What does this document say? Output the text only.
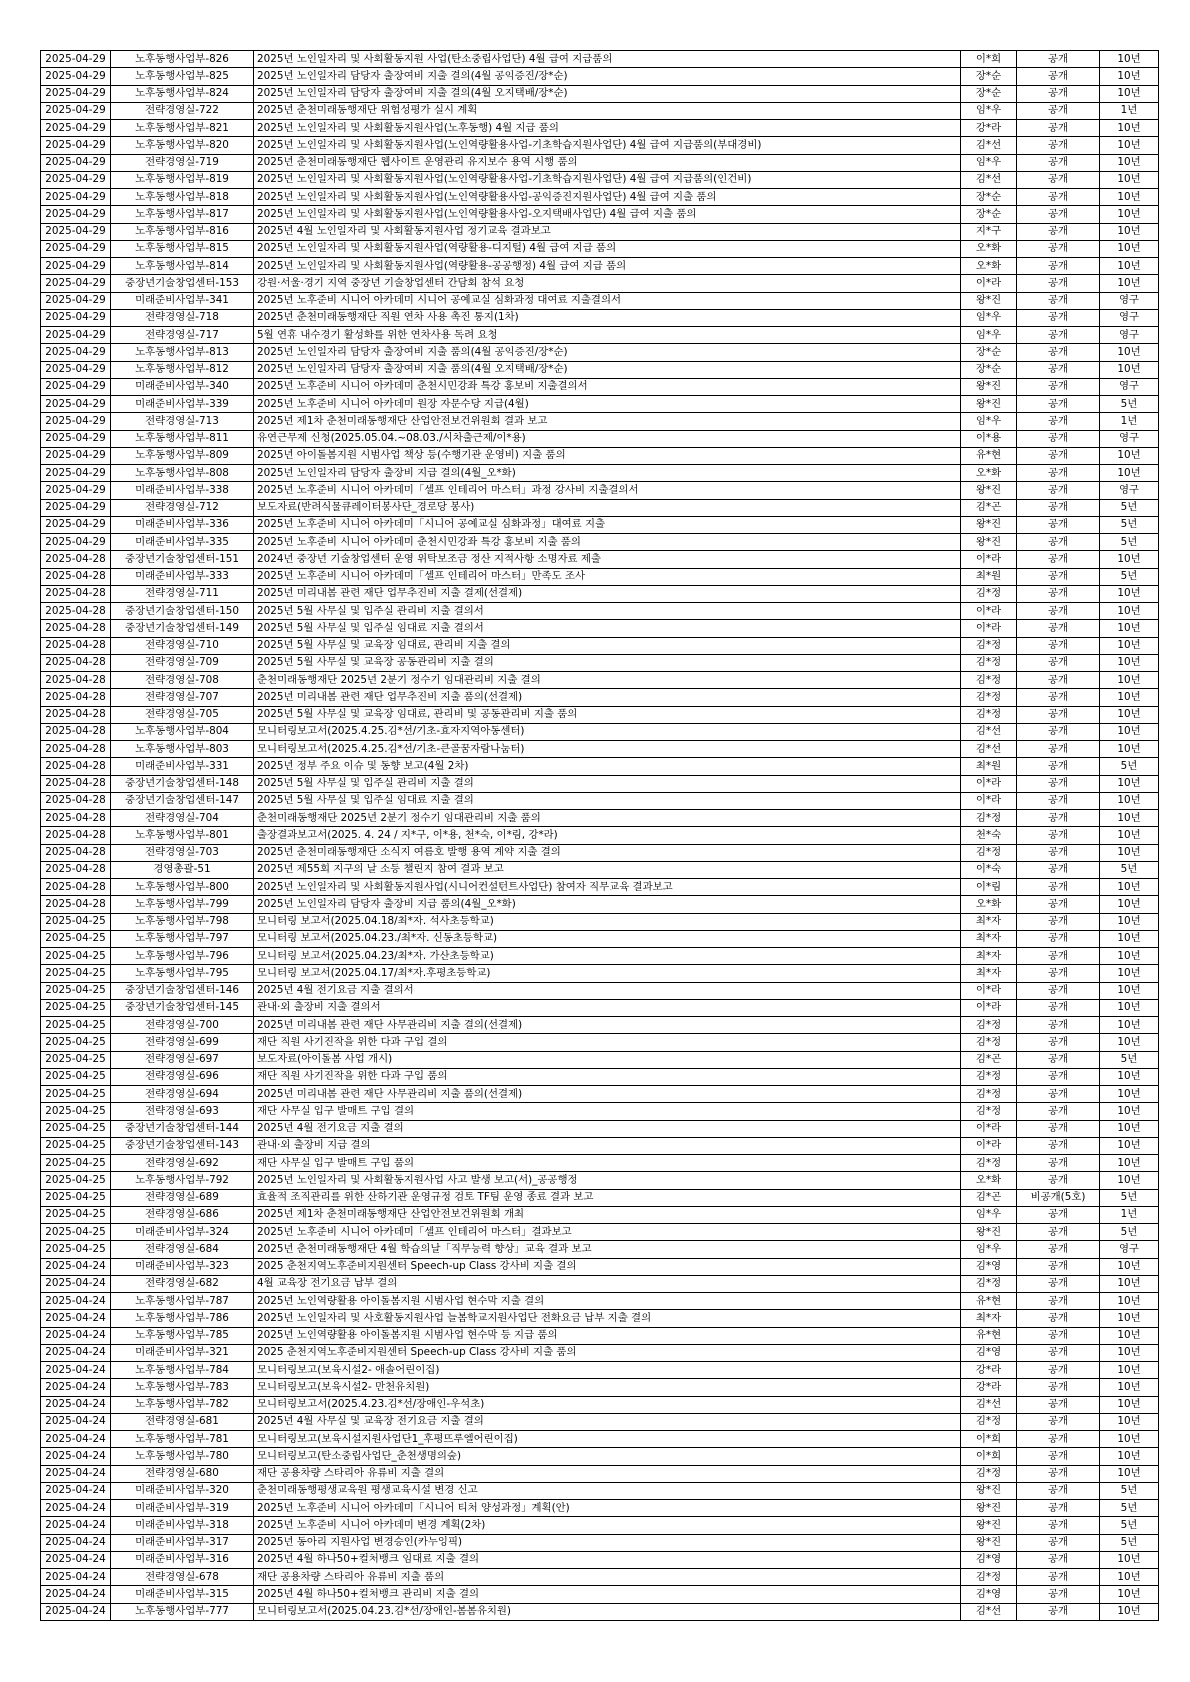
2025-04-29	노후동행사업부-826	2025년 노인일자리 및 사회활동지원 사업(탄소중립사업단) 4월 급여 지급품의	이*희	공개	10년
2025-04-29	노후동행사업부-825	2025년 노인일자리 담당자 출장여비 지출 결의(4월 공익증진/장*순)	장*순	공개	10년
2025-04-29	노후동행사업부-824	2025년 노인일자리 담당자 출장여비 지출 결의(4월 오지택배/장*순)	장*순	공개	10년
2025-04-29	전략경영실-722	2025년 춘천미래동행재단 위험성평가 실시 계획	임*우	공개	1년
2025-04-29	노후동행사업부-821	2025년 노인일자리 및 사회활동지원사업(노후동행) 4월 지급 품의	강*라	공개	10년
2025-04-29	노후동행사업부-820	2025년 노인일자리 및 사회활동지원사업(노인역량활용사업-기초학습지원사업단) 4월 급여 지급품의(부대경비)	김*선	공개	10년
2025-04-29	전략경영실-719	2025년 춘천미래동행재단 웹사이트 운영관리 유지보수 용역 시행 품의	임*우	공개	10년
2025-04-29	노후동행사업부-819	2025년 노인일자리 및 사회활동지원사업(노인역량활용사업-기초학습지원사업단) 4월 급여 지급품의(인건비)	김*선	공개	10년
2025-04-29	노후동행사업부-818	2025년 노인일자리 및 사회활동지원사업(노인역량활용사업-공익증진지원사업단) 4월 급여 지출 품의	장*순	공개	10년
2025-04-29	노후동행사업부-817	2025년 노인일자리 및 사회활동지원사업(노인역량활용사업-오지택배사업단) 4월 급여 지출 품의	장*순	공개	10년
2025-04-29	노후동행사업부-816	2025년 4월 노인일자리 및 사회활동지원사업 정기교육 결과보고	지*구	공개	10년
2025-04-29	노후동행사업부-815	2025년 노인일자리 및 사회활동지원사업(역량활용-디지털) 4월 급여 지급 품의	오*화	공개	10년
2025-04-29	노후동행사업부-814	2025년 노인일자리 및 사회활동지원사업(역량활용-공공행정) 4월 급여 지급 품의	오*화	공개	10년
2025-04-29	중장년기술창업센터-153	강원·서울·경기 지역 중장년 기술창업센터 간담회 참석 요청	이*라	공개	10년
2025-04-29	미래준비사업부-341	2025년 노후준비 시니어 아카데미 시니어 공예교실 심화과정 대여료 지출결의서	왕*진	공개	영구
2025-04-29	전략경영실-718	2025년 춘천미래동행재단 직원 연차 사용 촉진 통지(1차)	임*우	공개	영구
2025-04-29	전략경영실-717	5월 연휴 내수경기 활성화를 위한 연차사용 독려 요청	임*우	공개	영구
2025-04-29	노후동행사업부-813	2025년 노인일자리 담당자 출장여비 지출 품의(4월 공익증진/장*순)	장*순	공개	10년
2025-04-29	노후동행사업부-812	2025년 노인일자리 담당자 출장여비 지출 품의(4월 오지택배/장*순)	장*순	공개	10년
2025-04-29	미래준비사업부-340	2025년 노후준비 시니어 아카데미 춘천시민강좌 특강 홍보비 지출결의서	왕*진	공개	영구
2025-04-29	미래준비사업부-339	2025년 노후준비 시니어 아카데미 원장 자문수당 지급(4월)	왕*진	공개	5년
2025-04-29	전략경영실-713	2025년 제1차 춘천미래동행재단 산업안전보건위원회 결과 보고	임*우	공개	1년
2025-04-29	노후동행사업부-811	유연근무제 신청(2025.05.04.~08.03./시차출근제/이*용)	이*용	공개	영구
2025-04-29	노후동행사업부-809	2025년 아이돌봄지원 시범사업 책상 등(수행기관 운영비) 지출 품의	유*현	공개	10년
2025-04-29	노후동행사업부-808	2025년 노인일자리 담당자 출장비 지급 결의(4월_오*화)	오*화	공개	10년
2025-04-29	미래준비사업부-338	2025년 노후준비 시니어 아카데미「셀프 인테리어 마스터」과정 강사비 지출결의서	왕*진	공개	영구
2025-04-29	전략경영실-712	보도자료(반려식물큐레이터봉사단_경로당 봉사)	김*곤	공개	5년
2025-04-29	미래준비사업부-336	2025년 노후준비 시니어 아카데미「시니어 공예교실 심화과정」대여료 지출	왕*진	공개	5년
2025-04-29	미래준비사업부-335	2025년 노후준비 시니어 아카데미 춘천시민강좌 특강 홍보비 지출 품의	왕*진	공개	5년
2025-04-28	중장년기술창업센터-151	2024년 중장년 기술창업센터 운영 위탁보조금 정산 지적사항 소명자료 제출	이*라	공개	10년
2025-04-28	미래준비사업부-333	2025년 노후준비 시니어 아카데미「셀프 인테리어 마스터」만족도 조사	최*원	공개	5년
2025-04-28	전략경영실-711	2025년 미리내봄 관련 재단 업무추진비 지출 결제(선결제)	김*정	공개	10년
2025-04-28	중장년기술창업센터-150	2025년 5월 사무실 및 입주실 관리비 지출 결의서	이*라	공개	10년
2025-04-28	중장년기술창업센터-149	2025년 5월 사무실 및 입주실 임대료 지출 결의서	이*라	공개	10년
2025-04-28	전략경영실-710	2025년 5월 사무실 및 교육장 임대료, 관리비 지출 결의	김*정	공개	10년
2025-04-28	전략경영실-709	2025년 5월 사무실 및 교육장 공동관리비 지출 결의	김*정	공개	10년
2025-04-28	전략경영실-708	춘천미래동행재단 2025년 2분기 정수기 임대관리비 지출 결의	김*정	공개	10년
2025-04-28	전략경영실-707	2025년 미리내봄 관련 재단 업무추진비 지출 품의(선결제)	김*정	공개	10년
2025-04-28	전략경영실-705	2025년 5월 사무실 및 교육장 임대료, 관리비 및 공동관리비 지출 품의	김*정	공개	10년
2025-04-28	노후동행사업부-804	모니터링보고서(2025.4.25.김*선/기초-효자지역아동센터)	김*선	공개	10년
2025-04-28	노후동행사업부-803	모니터링보고서(2025.4.25.김*선/기초-큰골꿈자람나눔터)	김*선	공개	10년
2025-04-28	미래준비사업부-331	2025년 정부 주요 이슈 및 동향 보고(4월 2차)	최*원	공개	5년
2025-04-28	중장년기술창업센터-148	2025년 5월 사무실 및 입주실 관리비 지출 결의	이*라	공개	10년
2025-04-28	중장년기술창업센터-147	2025년 5월 사무실 및 입주실 임대료 지출 결의	이*라	공개	10년
2025-04-28	전략경영실-704	춘천미래동행재단 2025년 2분기 정수기 임대관리비 지출 품의	김*정	공개	10년
2025-04-28	노후동행사업부-801	출장결과보고서(2025. 4. 24 / 지*구, 이*용, 천*숙, 이*림, 강*라)	천*숙	공개	10년
2025-04-28	전략경영실-703	2025년 춘천미래동행재단 소식지 여름호 발행 용역 계약 지출 결의	김*정	공개	10년
2025-04-28	경영총괄-51	2025년 제55회 지구의 날 소등 챌린지 참여 결과 보고	이*숙	공개	5년
2025-04-28	노후동행사업부-800	2025년 노인일자리 및 사회활동지원사업(시니어컨설턴트사업단) 참여자 직무교육 결과보고	이*림	공개	10년
2025-04-28	노후동행사업부-799	2025년 노인일자리 담당자 출장비 지급 품의(4월_오*화)	오*화	공개	10년
2025-04-25	노후동행사업부-798	모니터링 보고서(2025.04.18/최*자. 석사초등학교)	최*자	공개	10년
2025-04-25	노후동행사업부-797	모니터링 보고서(2025.04.23./최*자. 신동초등학교)	최*자	공개	10년
2025-04-25	노후동행사업부-796	모니터링 보고서(2025.04.23/최*자. 가산초등학교)	최*자	공개	10년
2025-04-25	노후동행사업부-795	모니터링 보고서(2025.04.17/최*자.후평초등학교)	최*자	공개	10년
2025-04-25	중장년기술창업센터-146	2025년 4월 전기요금 지출 결의서	이*라	공개	10년
2025-04-25	중장년기술창업센터-145	관내·외 출장비 지출 결의서	이*라	공개	10년
2025-04-25	전략경영실-700	2025년 미리내봄 관련 재단 사무관리비 지출 결의(선결제)	김*정	공개	10년
2025-04-25	전략경영실-699	재단 직원 사기진작을 위한 다과 구입 결의	김*정	공개	10년
2025-04-25	전략경영실-697	보도자료(아이돌봄 사업 개시)	김*곤	공개	5년
2025-04-25	전략경영실-696	재단 직원 사기진작을 위한 다과 구입 품의	김*정	공개	10년
2025-04-25	전략경영실-694	2025년 미리내봄 관련 재단 사무관리비 지출 품의(선결제)	김*정	공개	10년
2025-04-25	전략경영실-693	재단 사무실 입구 발매트 구입 결의	김*정	공개	10년
2025-04-25	중장년기술창업센터-144	2025년 4월 전기요금 지출 결의	이*라	공개	10년
2025-04-25	중장년기술창업센터-143	관내·외 출장비 지급 결의	이*라	공개	10년
2025-04-25	전략경영실-692	재단 사무실 입구 발매트 구입 품의	김*정	공개	10년
2025-04-25	노후동행사업부-792	2025년 노인일자리 및 사회활동지원사업 사고 발생 보고(서)_공공행정	오*화	공개	10년
2025-04-25	전략경영실-689	효율적 조직관리를 위한 산하기관 운영규정 검토 TF팀 운영 종료 결과 보고	김*곤	비공개(5호)	5년
2025-04-25	전략경영실-686	2025년 제1차 춘천미래동행재단 산업안전보건위원회 개최	임*우	공개	1년
2025-04-25	미래준비사업부-324	2025년 노후준비 시니어 아카데미「셀프 인테리어 마스터」결과보고	왕*진	공개	5년
2025-04-25	전략경영실-684	2025년 춘천미래동행재단 4월 학습의날「직무능력 향상」교육 결과 보고	임*우	공개	영구
2025-04-24	미래준비사업부-323	2025 춘천지역노후준비지원센터 Speech-up Class 강사비 지출 결의	김*영	공개	10년
2025-04-24	전략경영실-682	4월 교육장 전기요금 납부 결의	김*정	공개	10년
2025-04-24	노후동행사업부-787	2025년 노인역량활용 아이돌봄지원 시범사업 현수막 지출 결의	유*현	공개	10년
2025-04-24	노후동행사업부-786	2025년 노인일자리 및 사호활동지원사업 늘봄학교지원사업단 전화요금 납부 지출 결의	최*자	공개	10년
2025-04-24	노후동행사업부-785	2025년 노인역량활용 아이돌봄지원 시범사업 현수막 등 지급 품의	유*현	공개	10년
2025-04-24	미래준비사업부-321	2025 춘천지역노후준비지원센터 Speech-up Class 강사비 지출 품의	김*영	공개	10년
2025-04-24	노후동행사업부-784	모니터링보고(보육시설2- 애솔어린이집)	강*라	공개	10년
2025-04-24	노후동행사업부-783	모니터링보고(보육시설2- 만천유치원)	강*라	공개	10년
2025-04-24	노후동행사업부-782	모니터링보고서(2025.4.23.김*선/장애인-우석초)	김*선	공개	10년
2025-04-24	전략경영실-681	2025년 4월 사무실 및 교육장 전기요금 지출 결의	김*정	공개	10년
2025-04-24	노후동행사업부-781	모니터링보고(보육시설지원사업단1_후평뜨루엘어린이집)	이*희	공개	10년
2025-04-24	노후동행사업부-780	모니터링보고(탄소중립사업단_춘천생명의숲)	이*희	공개	10년
2025-04-24	전략경영실-680	재단 공용차량 스타리아 유류비 지출 결의	김*정	공개	10년
2025-04-24	미래준비사업부-320	춘천미래동행평생교육원 평생교육시설 변경 신고	왕*진	공개	5년
2025-04-24	미래준비사업부-319	2025년 노후준비 시니어 아카데미「시니어 티처 양성과정」계획(안)	왕*진	공개	5년
2025-04-24	미래준비사업부-318	2025년 노후준비 시니어 아카데미 변경 계획(2차)	왕*진	공개	5년
2025-04-24	미래준비사업부-317	2025년 동아리 지원사업 변경승인(카누잉픽)	왕*진	공개	5년
2025-04-24	미래준비사업부-316	2025년 4월 하나50+컬처뱅크 임대료 지출 결의	김*영	공개	10년
2025-04-24	전략경영실-678	재단 공용차량 스타리아 유류비 지출 품의	김*정	공개	10년
2025-04-24	미래준비사업부-315	2025년 4월 하나50+컬처뱅크 관리비 지출 결의	김*영	공개	10년
2025-04-24	노후동행사업부-777	모니터링보고서(2025.04.23.김*선/장애인-봄봄유치원)	김*선	공개	10년
